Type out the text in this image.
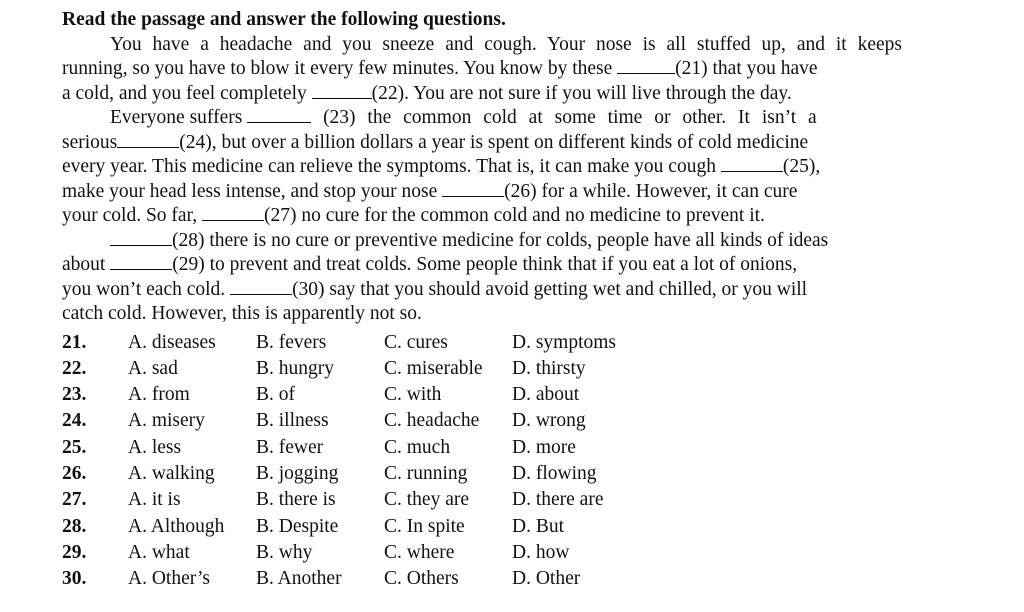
Read the passage and answer the following questions.
You have a headache and you sneeze and cough. Your nose is all stuffed up, and it keeps
running, so you have to blow it every few minutes. You know by these	(21) that you have
a cold, and you feel completely	(22). You are not sure if you will live through the day.
Everyone suffers	(23) the common cold at some time or other. It isn’t a
serious	(24), but over a billion dollars a year is spent on different kinds of cold medicine
every year. This medicine can relieve the symptoms. That is, it can make you cough	(25),
make your head less intense, and stop your nose	(26) for a while. However, it can cure
your cold. So far,	(27) no cure for the common cold and no medicine to prevent it.
(28) there is no cure or preventive medicine for colds, people have all kinds of ideas
about	(29) to prevent and treat colds. Some people think that if you eat a lot of onions,
you won’t each cold.	(30) say that you should avoid getting wet and chilled, or you will
catch cold. However, this is apparently not so.
21.	A. diseases	B. fevers	C. cures	D. symptoms
22.	A. sad	B. hungry	C. miserable	D. thirsty
23.	A. from	B. of	C. with	D. about
24.	A. misery	B. illness	C. headache	D. wrong
25.	A. less	B. fewer	C. much	D. more
26.	A. walking	B. jogging	C. running	D. flowing
27.	A. it is	B. there is	C. they are	D. there are
28.	A. Although	B. Despite	C. In spite	D. But
29.	A. what	B. why	C. where	D. how
30.	A. Other’s	B. Another	C. Others	D. Other
